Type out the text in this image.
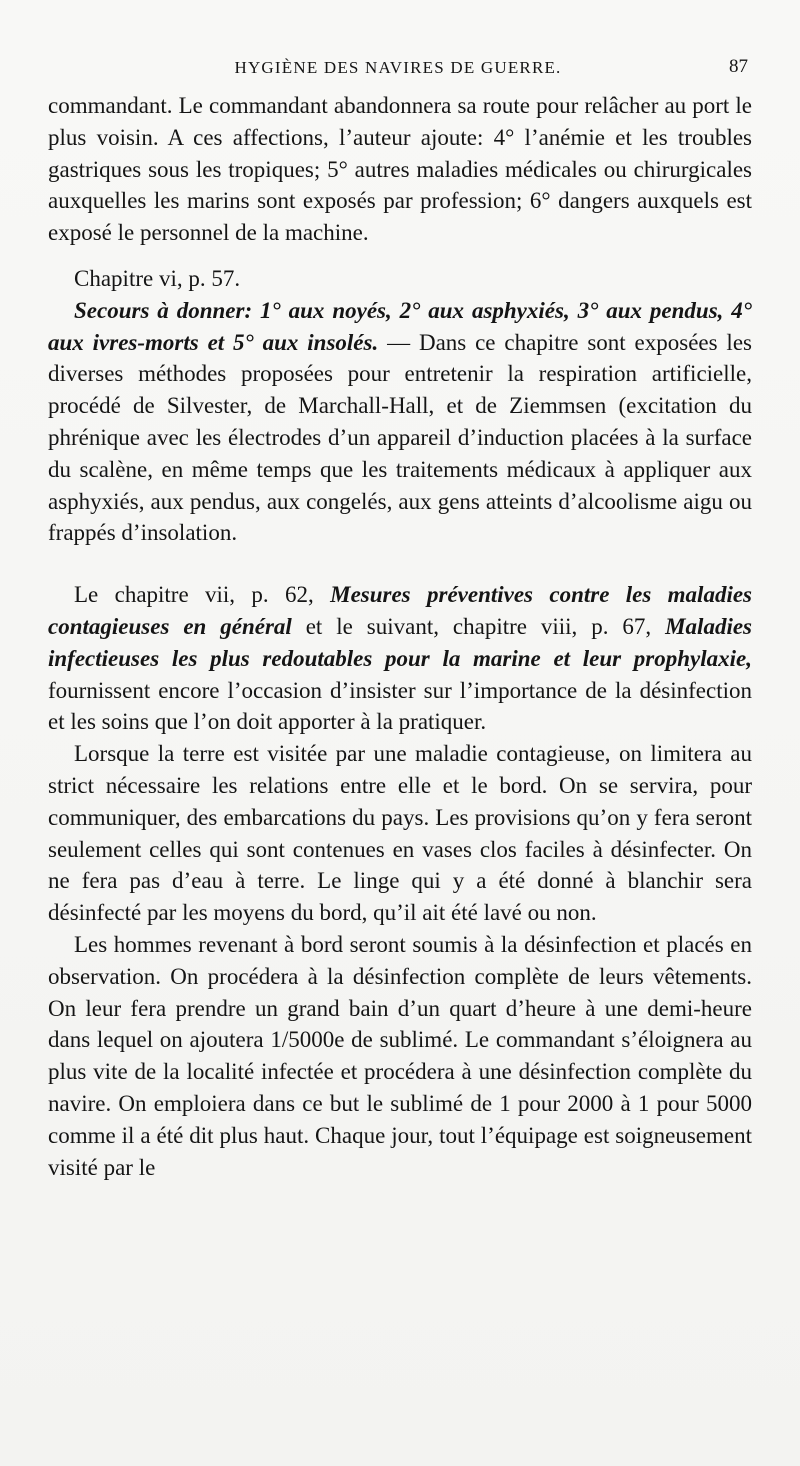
HYGIÈNE DES NAVIRES DE GUERRE.	87

commandant. Le commandant abandonnera sa route pour relâcher au port le plus voisin. A ces affections, l’auteur ajoute: 4° l’anémie et les troubles gastriques sous les tropiques; 5° autres maladies médicales ou chirurgicales auxquelles les marins sont exposés par profession; 6° dangers auxquels est exposé le personnel de la machine.

Chapitre vi, p. 57.

Secours à donner: 1° aux noyés, 2° aux asphyxiés, 3° aux pendus, 4° aux ivres-morts et 5° aux insolés. — Dans ce chapitre sont exposées les diverses méthodes proposées pour entretenir la respiration artificielle, procédé de Silvester, de Marchall-Hall, et de Ziemmsen (excitation du phrénique avec les électrodes d’un appareil d’induction placées à la surface du scalène, en même temps que les traitements médicaux à appliquer aux asphyxiés, aux pendus, aux congelés, aux gens atteints d’alcoolisme aigu ou frappés d’insolation.

Le chapitre vii, p. 62, Mesures préventives contre les maladies contagieuses en général et le suivant, chapitre viii, p. 67, Maladies infectieuses les plus redoutables pour la marine et leur prophylaxie, fournissent encore l’occasion d’insister sur l’importance de la désinfection et les soins que l’on doit apporter à la pratiquer.

Lorsque la terre est visitée par une maladie contagieuse, on limitera au strict nécessaire les relations entre elle et le bord. On se servira, pour communiquer, des embarcations du pays. Les provisions qu’on y fera seront seulement celles qui sont contenues en vases clos faciles à désinfecter. On ne fera pas d’eau à terre. Le linge qui y a été donné à blanchir sera désinfecté par les moyens du bord, qu’il ait été lavé ou non.

Les hommes revenant à bord seront soumis à la désinfection et placés en observation. On procédera à la désinfection complète de leurs vêtements. On leur fera prendre un grand bain d’un quart d’heure à une demi-heure dans lequel on ajoutera 1/5000e de sublimé. Le commandant s’éloignera au plus vite de la localité infectée et procédera à une désinfection complète du navire. On emploiera dans ce but le sublimé de 1 pour 2000 à 1 pour 5000 comme il a été dit plus haut. Chaque jour, tout l’équipage est soigneusement visité par le
